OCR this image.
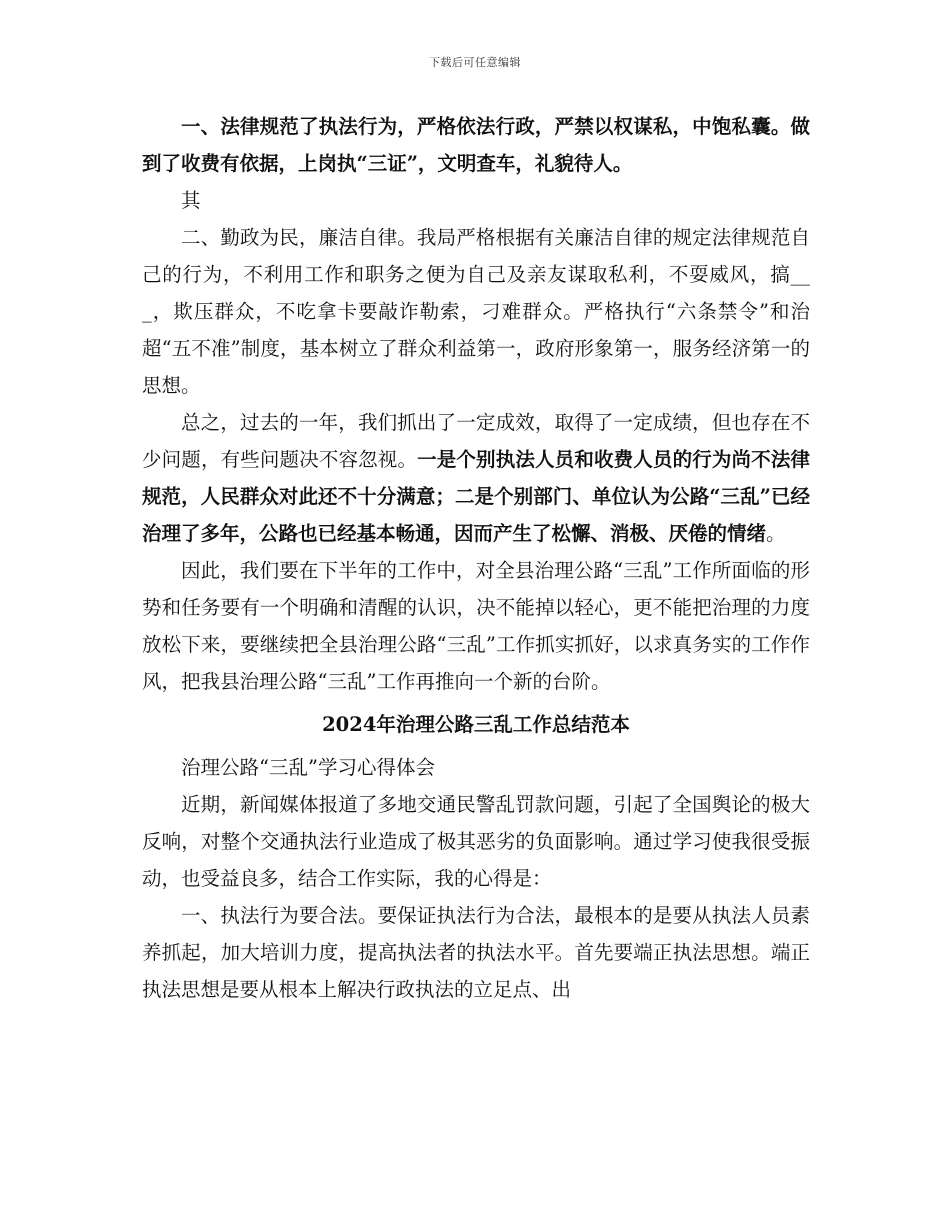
下载后可任意编辑

一、法律规范了执法行为，严格依法行政，严禁以权谋私，中饱私囊。做到了收费有依据，上岗执“三证”，文明查车，礼貌待人。

其

二、勤政为民，廉洁自律。我局严格根据有关廉洁自律的规定法律规范自己的行为，不利用工作和职务之便为自己及亲友谋取私利，不耍威风，搞___，欺压群众，不吃拿卡要敲诈勒索，刁难群众。严格执行“六条禁令”和治超“五不准”制度，基本树立了群众利益第一，政府形象第一，服务经济第一的思想。

总之，过去的一年，我们抓出了一定成效，取得了一定成绩，但也存在不少问题，有些问题决不容忽视。一是个别执法人员和收费人员的行为尚不法律规范，人民群众对此还不十分满意；二是个别部门、单位认为公路“三乱”已经治理了多年，公路也已经基本畅通，因而产生了松懈、消极、厌倦的情绪。

因此，我们要在下半年的工作中，对全县治理公路“三乱”工作所面临的形势和任务要有一个明确和清醒的认识，决不能掉以轻心，更不能把治理的力度放松下来，要继续把全县治理公路“三乱”工作抓实抓好，以求真务实的工作作风，把我县治理公路“三乱”工作再推向一个新的台阶。

2024年治理公路三乱工作总结范本

治理公路“三乱”学习心得体会

近期，新闻媒体报道了多地交通民警乱罚款问题，引起了全国舆论的极大反响，对整个交通执法行业造成了极其恶劣的负面影响。通过学习使我很受振动，也受益良多，结合工作实际，我的心得是：

一、执法行为要合法。要保证执法行为合法，最根本的是要从执法人员素养抓起，加大培训力度，提高执法者的执法水平。首先要端正执法思想。端正执法思想是要从根本上解决行政执法的立足点、出
